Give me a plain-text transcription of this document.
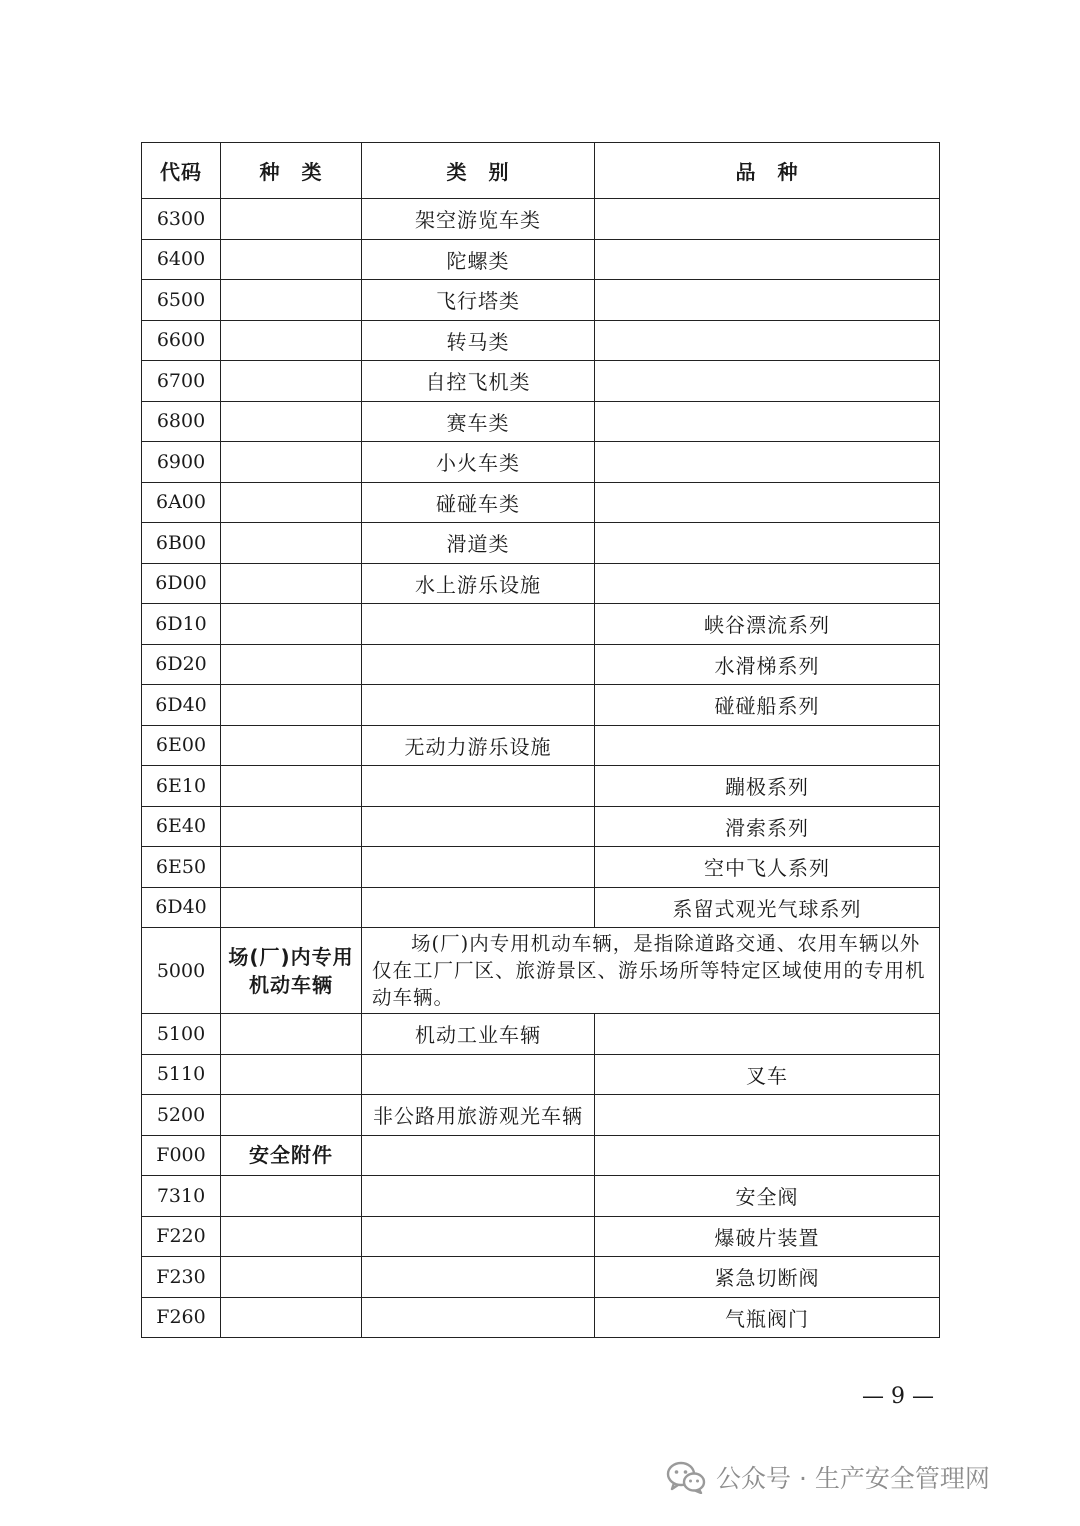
代码	种　类	类　别	品　种
6300		架空游览车类	
6400		陀螺类	
6500		飞行塔类	
6600		转马类	
6700		自控飞机类	
6800		赛车类	
6900		小火车类	
6A00		碰碰车类	
6B00		滑道类	
6D00		水上游乐设施	
6D10			峡谷漂流系列
6D20			水滑梯系列
6D40			碰碰船系列
6E00		无动力游乐设施	
6E10			蹦极系列
6E40			滑索系列
6E50			空中飞人系列
6D40			系留式观光气球系列
5000	场(厂)内专用机动车辆	场(厂)内专用机动车辆，是指除道路交通、农用车辆以外仅在工厂厂区、旅游景区、游乐场所等特定区域使用的专用机动车辆。	

5100		机动工业车辆	
5110			叉车
5200		非公路用旅游观光车辆	
F000	安全附件		
7310			安全阀
F220			爆破片装置
F230			紧急切断阀
F260			气瓶阀门
— 9 —
公众号 · 生产安全管理网
